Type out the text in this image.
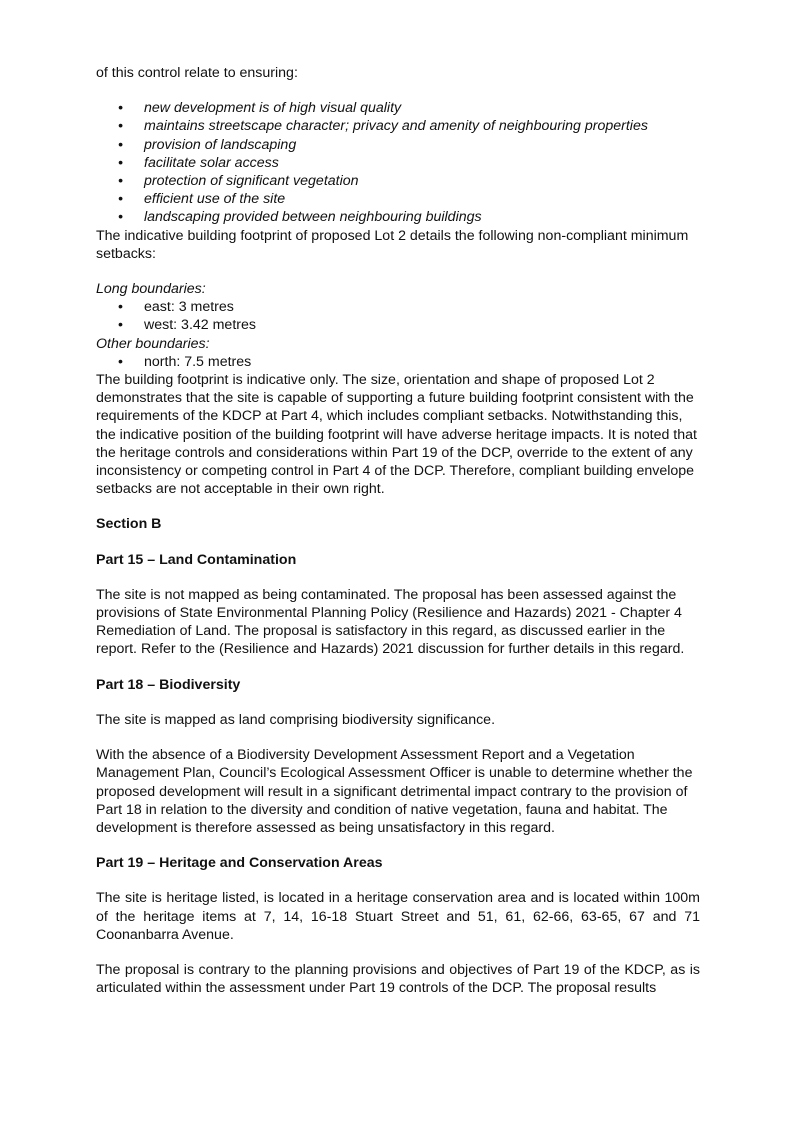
of this control relate to ensuring:

• new development is of high visual quality
• maintains streetscape character; privacy and amenity of neighbouring properties
• provision of landscaping
• facilitate solar access
• protection of significant vegetation
• efficient use of the site
• landscaping provided between neighbouring buildings

The indicative building footprint of proposed Lot 2 details the following non-compliant minimum setbacks:

Long boundaries:

• east: 3 metres
• west: 3.42 metres

Other boundaries:

• north: 7.5 metres

The building footprint is indicative only. The size, orientation and shape of proposed Lot 2 demonstrates that the site is capable of supporting a future building footprint consistent with the requirements of the KDCP at Part 4, which includes compliant setbacks. Notwithstanding this, the indicative position of the building footprint will have adverse heritage impacts. It is noted that the heritage controls and considerations within Part 19 of the DCP, override to the extent of any inconsistency or competing control in Part 4 of the DCP. Therefore, compliant building envelope setbacks are not acceptable in their own right.

Section B

Part 15 – Land Contamination

The site is not mapped as being contaminated. The proposal has been assessed against the provisions of State Environmental Planning Policy (Resilience and Hazards) 2021 - Chapter 4 Remediation of Land. The proposal is satisfactory in this regard, as discussed earlier in the report. Refer to the (Resilience and Hazards) 2021 discussion for further details in this regard.

Part 18 – Biodiversity

The site is mapped as land comprising biodiversity significance.

With the absence of a Biodiversity Development Assessment Report and a Vegetation Management Plan, Council’s Ecological Assessment Officer is unable to determine whether the proposed development will result in a significant detrimental impact contrary to the provision of Part 18 in relation to the diversity and condition of native vegetation, fauna and habitat. The development is therefore assessed as being unsatisfactory in this regard.

Part 19 – Heritage and Conservation Areas

The site is heritage listed, is located in a heritage conservation area and is located within 100m of the heritage items at 7, 14, 16-18 Stuart Street and 51, 61, 62-66, 63-65, 67 and 71 Coonanbarra Avenue.

The proposal is contrary to the planning provisions and objectives of Part 19 of the KDCP, as is articulated within the assessment under Part 19 controls of the DCP. The proposal results
